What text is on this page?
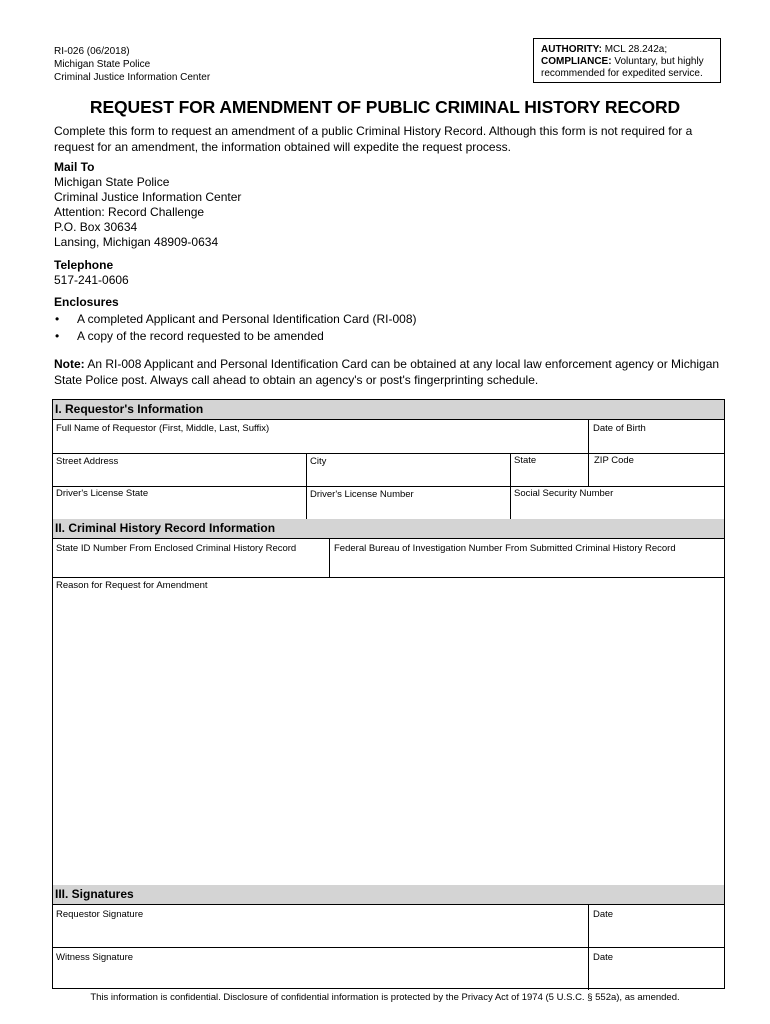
RI-026 (06/2018)
Michigan State Police
Criminal Justice Information Center
AUTHORITY: MCL 28.242a;
COMPLIANCE: Voluntary, but highly
recommended for expedited service.
REQUEST FOR AMENDMENT OF PUBLIC CRIMINAL HISTORY RECORD
Complete this form to request an amendment of a public Criminal History Record. Although this form is not required for a request for an amendment, the information obtained will expedite the request process.
Mail To
Michigan State Police
Criminal Justice Information Center
Attention: Record Challenge
P.O. Box 30634
Lansing, Michigan 48909-0634
Telephone
517-241-0606
Enclosures
• A completed Applicant and Personal Identification Card (RI-008)
• A copy of the record requested to be amended
Note: An RI-008 Applicant and Personal Identification Card can be obtained at any local law enforcement agency or Michigan State Police post. Always call ahead to obtain an agency's or post's fingerprinting schedule.
I. Requestor's Information
Full Name of Requestor (First, Middle, Last, Suffix)	Date of Birth
Street Address	City	State	ZIP Code
Driver's License State	Driver's License Number	Social Security Number
II. Criminal History Record Information
State ID Number From Enclosed Criminal History Record	Federal Bureau of Investigation Number From Submitted Criminal History Record
Reason for Request for Amendment
III. Signatures
Requestor Signature	Date
Witness Signature	Date
This information is confidential. Disclosure of confidential information is protected by the Privacy Act of 1974 (5 U.S.C. § 552a), as amended.
